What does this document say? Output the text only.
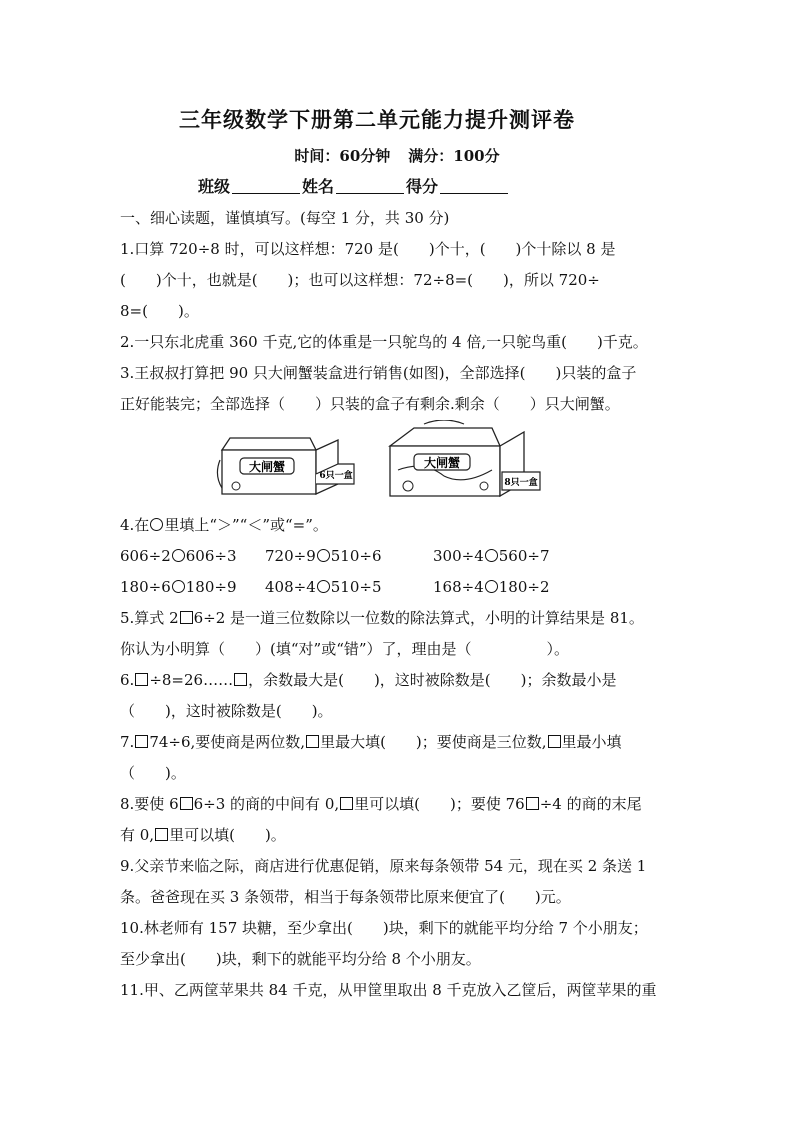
三年级数学下册第二单元能力提升测评卷
时间：60分钟 满分：100分
班级	姓名	得分
一、细心读题，谨慎填写。(每空 1 分，共 30 分)
1.口算 720÷8 时，可以这样想：720 是(　　)个十，(　　)个十除以 8 是
(　　)个十，也就是(　　)；也可以这样想：72÷8=(　　)，所以 720÷
8=(　　)。
2.一只东北虎重 360 千克,它的体重是一只鸵鸟的 4 倍,一只鸵鸟重(　　)千克。
3.王叔叔打算把 90 只大闸蟹装盒进行销售(如图)，全部选择(　　)只装的盒子
正好能装完；全部选择（　　）只装的盒子有剩余.剩余（　　）只大闸蟹。
大闸蟹
6只一盒
大闸蟹
8只一盒
4.在 里填上“＞”“＜”或“=”。
606÷2 606÷3	720÷9 510÷6	300÷4 560÷7
180÷6 180÷9	408÷4 510÷5	168÷4 180÷2
5.算式 2 6÷2 是一道三位数除以一位数的除法算式，小明的计算结果是 81。
你认为小明算（　　）(填“对”或“错”）了，理由是（　　　　　）。
6. ÷8=26…… ，余数最大是(　　)，这时被除数是(　　)；余数最小是
（　　)，这时被除数是(　　)。
7. 74÷6,要使商是两位数, 里最大填(　　)；要使商是三位数, 里最小填
（　　)。
8.要使 6 6÷3 的商的中间有 0, 里可以填(　　)；要使 76 ÷4 的商的末尾
有 0, 里可以填(　　)。
9.父亲节来临之际，商店进行优惠促销，原来每条领带 54 元，现在买 2 条送 1
条。爸爸现在买 3 条领带，相当于每条领带比原来便宜了(　　)元。
10.林老师有 157 块糖，至少拿出(　　)块，剩下的就能平均分给 7 个小朋友；
至少拿出(　　)块，剩下的就能平均分给 8 个小朋友。
11.甲、乙两筐苹果共 84 千克，从甲筐里取出 8 千克放入乙筐后，两筐苹果的重
